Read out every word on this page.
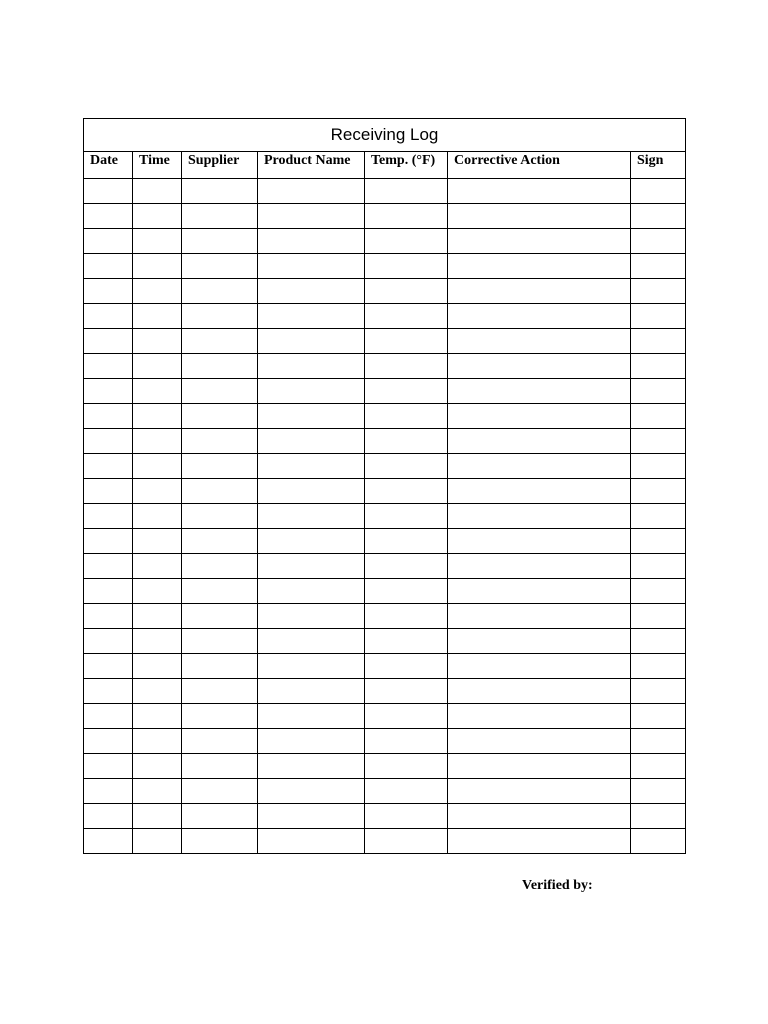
Receiving Log						
Date	Time	Supplier	Product Name	Temp. (°F)	Corrective Action	Sign

Verified by:
